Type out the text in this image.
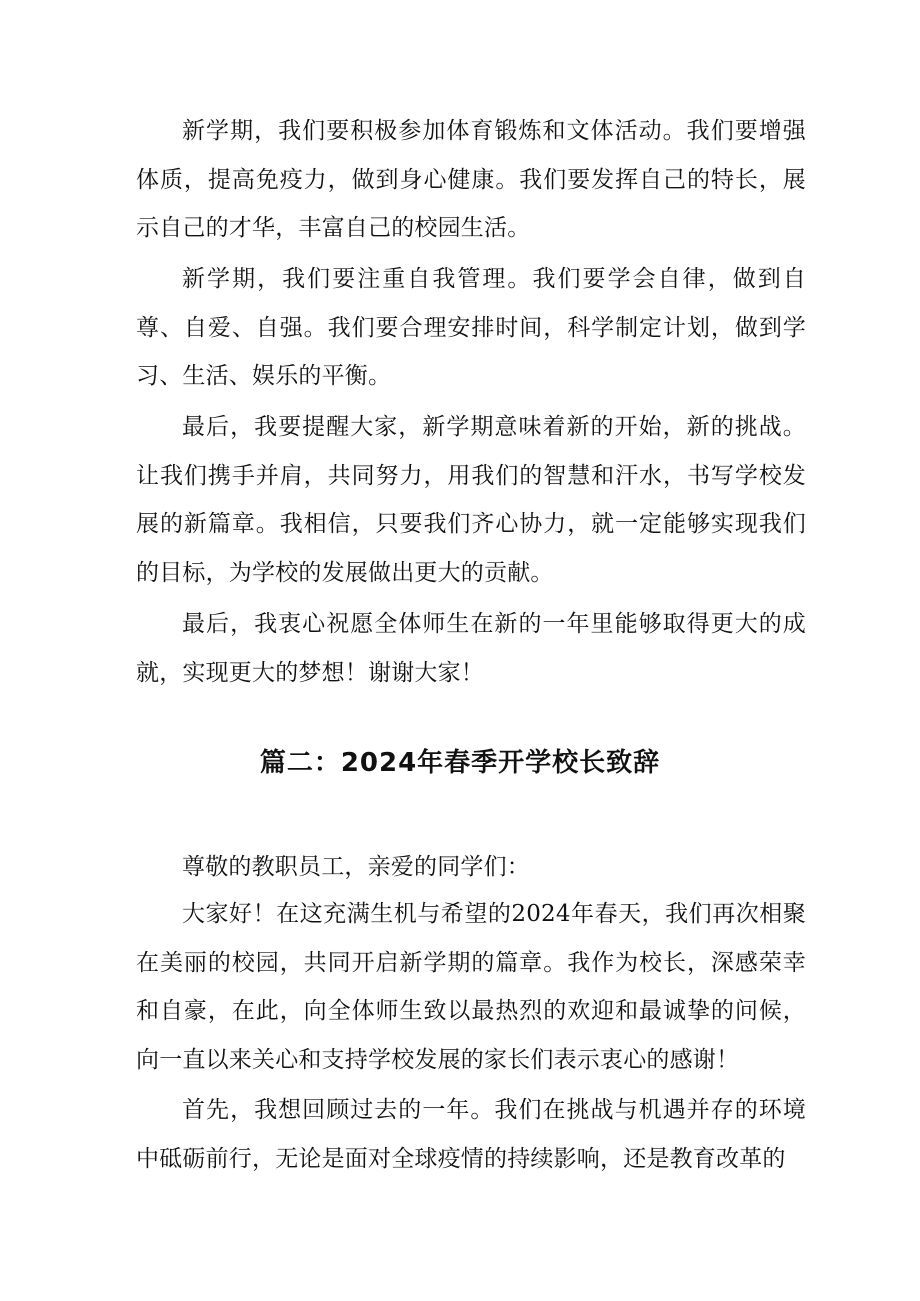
新学期，我们要积极参加体育锻炼和文体活动。我们要增强体质，提高免疫力，做到身心健康。我们要发挥自己的特长，展示自己的才华，丰富自己的校园生活。

新学期，我们要注重自我管理。我们要学会自律，做到自尊、自爱、自强。我们要合理安排时间，科学制定计划，做到学习、生活、娱乐的平衡。

最后，我要提醒大家，新学期意味着新的开始，新的挑战。让我们携手并肩，共同努力，用我们的智慧和汗水，书写学校发展的新篇章。我相信，只要我们齐心协力，就一定能够实现我们的目标，为学校的发展做出更大的贡献。

最后，我衷心祝愿全体师生在新的一年里能够取得更大的成就，实现更大的梦想！谢谢大家！

篇二：2024年春季开学校长致辞

尊敬的教职员工，亲爱的同学们：

大家好！在这充满生机与希望的2024年春天，我们再次相聚在美丽的校园，共同开启新学期的篇章。我作为校长，深感荣幸和自豪，在此，向全体师生致以最热烈的欢迎和最诚挚的问候，向一直以来关心和支持学校发展的家长们表示衷心的感谢！

首先，我想回顾过去的一年。我们在挑战与机遇并存的环境中砥砺前行，无论是面对全球疫情的持续影响，还是教育改革的
